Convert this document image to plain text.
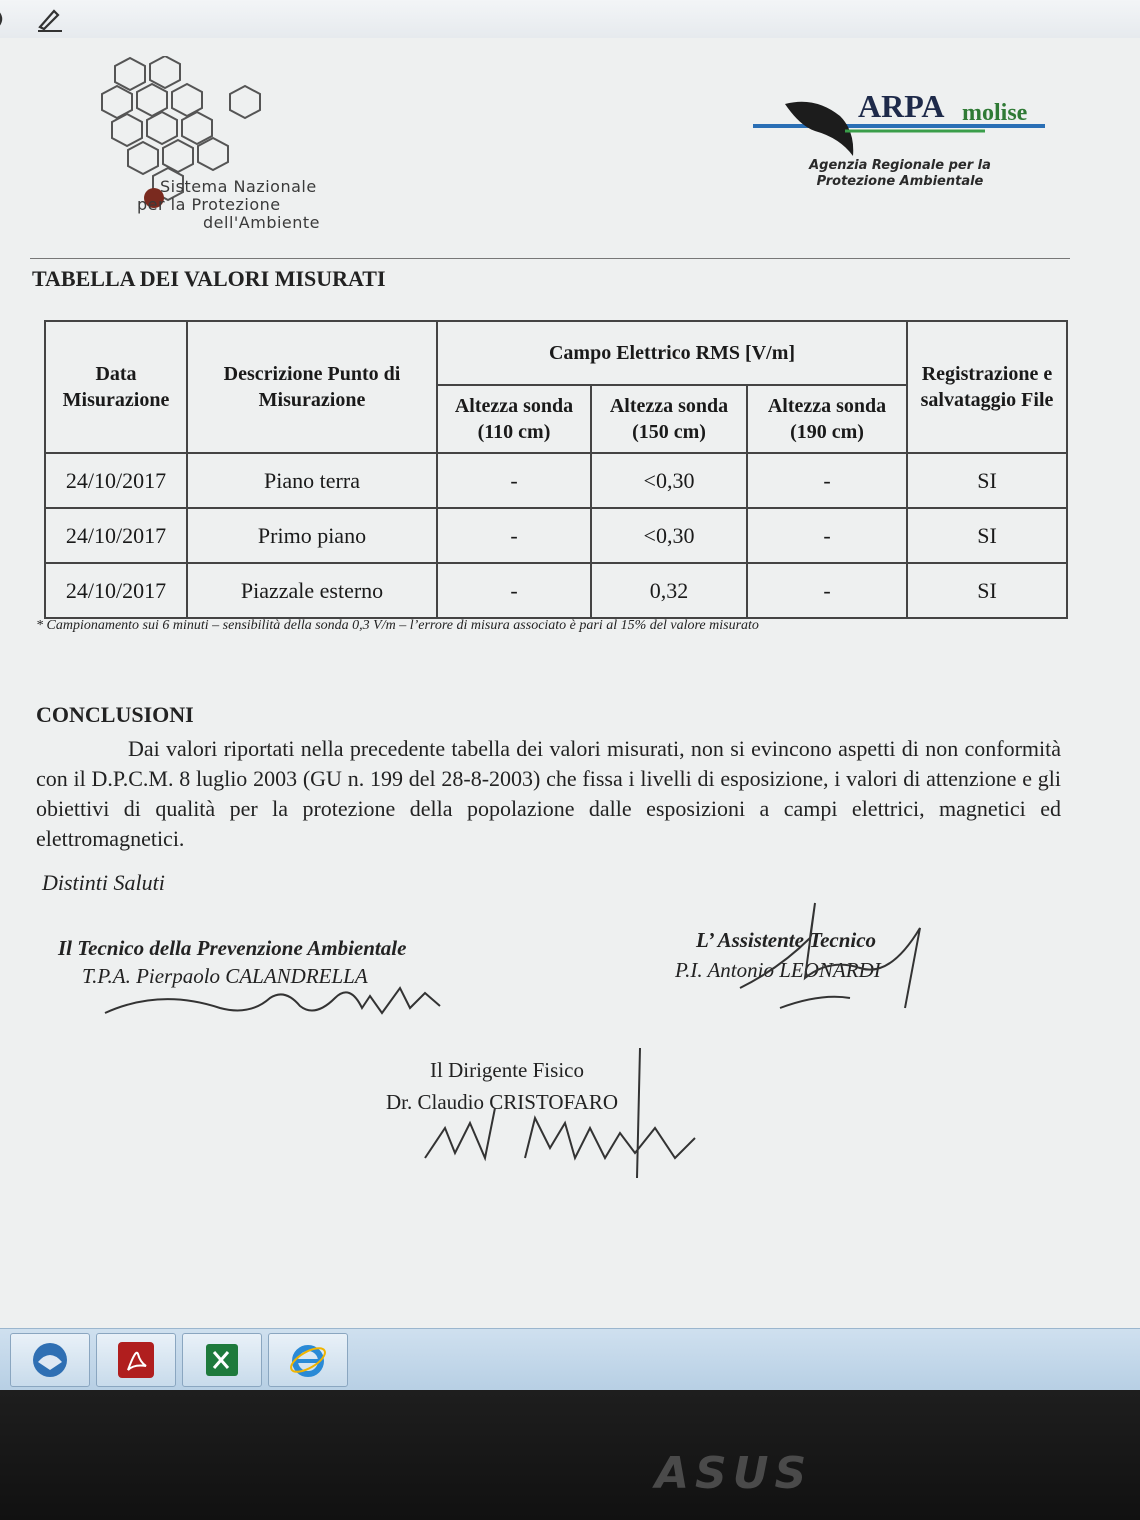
Sistema Nazionale
per la Protezione
dell'Ambiente
ARPA molise
Agenzia Regionale per la
Protezione Ambientale
TABELLA DEI VALORI MISURATI
Data Misurazione	Descrizione Punto di Misurazione	Campo Elettrico RMS [V/m]			Registrazione e salvataggio File
		Altezza sonda (110 cm)	Altezza sonda (150 cm)	Altezza sonda (190 cm)	
24/10/2017	Piano terra	-	<0,30	-	SI
24/10/2017	Primo piano	-	<0,30	-	SI
24/10/2017	Piazzale esterno	-	0,32	-	SI
* Campionamento sui 6 minuti – sensibilità della sonda 0,3 V/m – l’errore di misura associato è pari al 15% del valore misurato
CONCLUSIONI
Dai valori riportati nella precedente tabella dei valori misurati, non si evincono aspetti di non conformità con il D.P.C.M. 8 luglio 2003 (GU n. 199 del 28-8-2003) che fissa i livelli di esposizione, i valori di attenzione e gli obiettivi di qualità per la protezione della popolazione dalle esposizioni a campi elettrici, magnetici ed elettromagnetici.
Distinti Saluti
Il Tecnico della Prevenzione Ambientale
T.P.A. Pierpaolo CALANDRELLA
L’ Assistente Tecnico
P.I. Antonio LEONARDI
Il Dirigente Fisico
Dr. Claudio CRISTOFARO
ASUS
